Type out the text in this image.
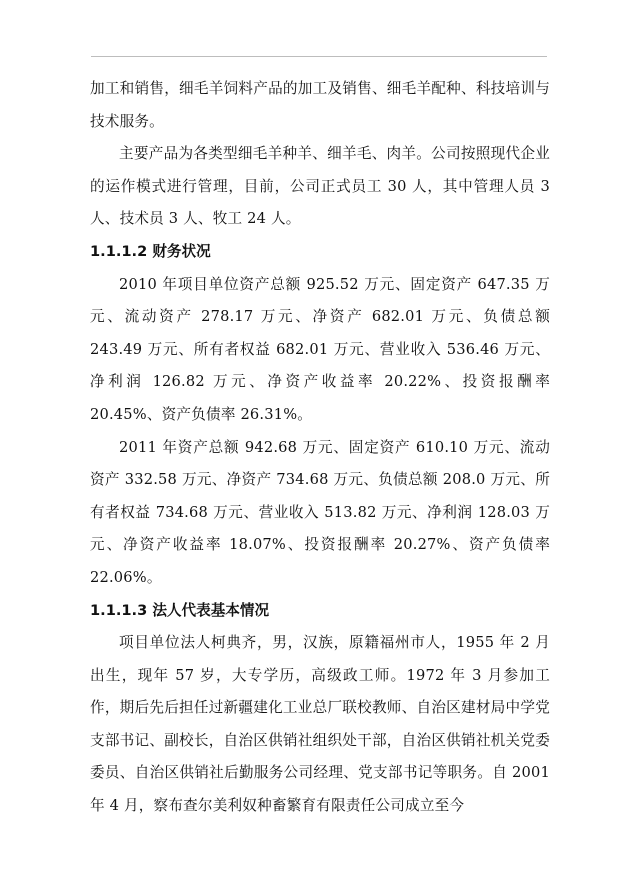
加工和销售，细毛羊饲料产品的加工及销售、细毛羊配种、科技培训与技术服务。

主要产品为各类型细毛羊种羊、细羊毛、肉羊。公司按照现代企业的运作模式进行管理，目前，公司正式员工 30 人，其中管理人员 3 人、技术员 3 人、牧工 24 人。

1.1.1.2 财务状况

2010 年项目单位资产总额 925.52 万元、固定资产 647.35 万元、流动资产 278.17 万元、净资产 682.01 万元、负债总额 243.49 万元、所有者权益 682.01 万元、营业收入 536.46 万元、净利润 126.82 万元、净资产收益率 20.22%、投资报酬率 20.45%、资产负债率 26.31%。

2011 年资产总额 942.68 万元、固定资产 610.10 万元、流动资产 332.58 万元、净资产 734.68 万元、负债总额 208.0 万元、所有者权益 734.68 万元、营业收入 513.82 万元、净利润 128.03 万元、净资产收益率 18.07%、投资报酬率 20.27%、资产负债率 22.06%。

1.1.1.3 法人代表基本情况

项目单位法人柯典齐，男，汉族，原籍福州市人，1955 年 2 月出生，现年 57 岁，大专学历，高级政工师。1972 年 3 月参加工作，期后先后担任过新疆建化工业总厂联校教师、自治区建材局中学党支部书记、副校长，自治区供销社组织处干部，自治区供销社机关党委委员、自治区供销社后勤服务公司经理、党支部书记等职务。自 2001 年 4 月，察布查尔美利奴种畜繁育有限责任公司成立至今
